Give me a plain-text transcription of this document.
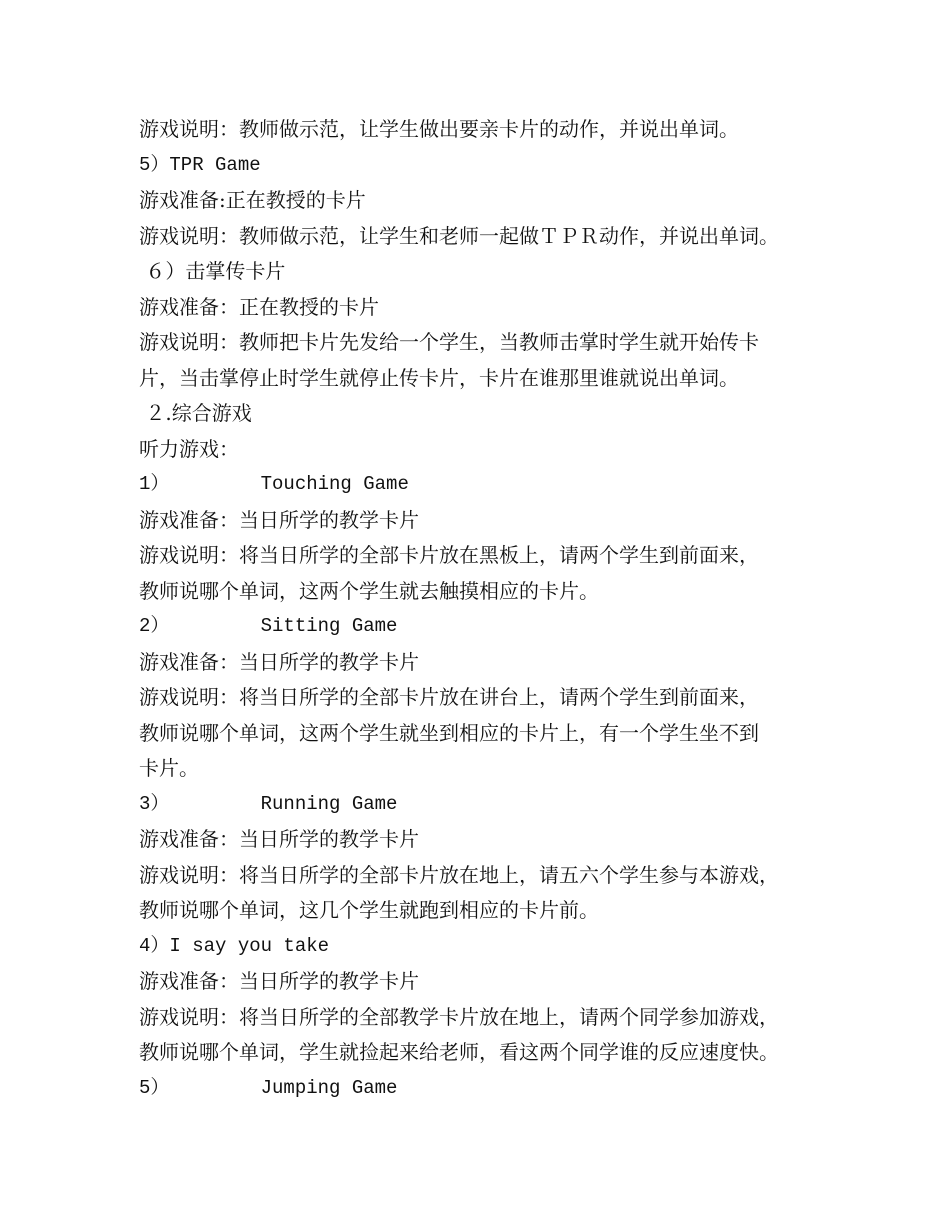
游戏说明：教师做示范，让学生做出要亲卡片的动作，并说出单词。
5）TPR Game
游戏准备:正在教授的卡片
游戏说明：教师做示范，让学生和老师一起做ＴＰＲ动作，并说出单词。
６）击掌传卡片
游戏准备：正在教授的卡片
游戏说明：教师把卡片先发给一个学生，当教师击掌时学生就开始传卡
片，当击掌停止时学生就停止传卡片，卡片在谁那里谁就说出单词。
２.综合游戏
听力游戏：
1）        Touching Game
游戏准备：当日所学的教学卡片
游戏说明：将当日所学的全部卡片放在黑板上，请两个学生到前面来，
教师说哪个单词，这两个学生就去触摸相应的卡片。
2）        Sitting Game
游戏准备：当日所学的教学卡片
游戏说明：将当日所学的全部卡片放在讲台上，请两个学生到前面来，
教师说哪个单词，这两个学生就坐到相应的卡片上，有一个学生坐不到
卡片。
3）        Running Game
游戏准备：当日所学的教学卡片
游戏说明：将当日所学的全部卡片放在地上，请五六个学生参与本游戏，
教师说哪个单词，这几个学生就跑到相应的卡片前。
4）I say you take
游戏准备：当日所学的教学卡片
游戏说明：将当日所学的全部教学卡片放在地上，请两个同学参加游戏，
教师说哪个单词，学生就捡起来给老师，看这两个同学谁的反应速度快。
5）        Jumping Game
